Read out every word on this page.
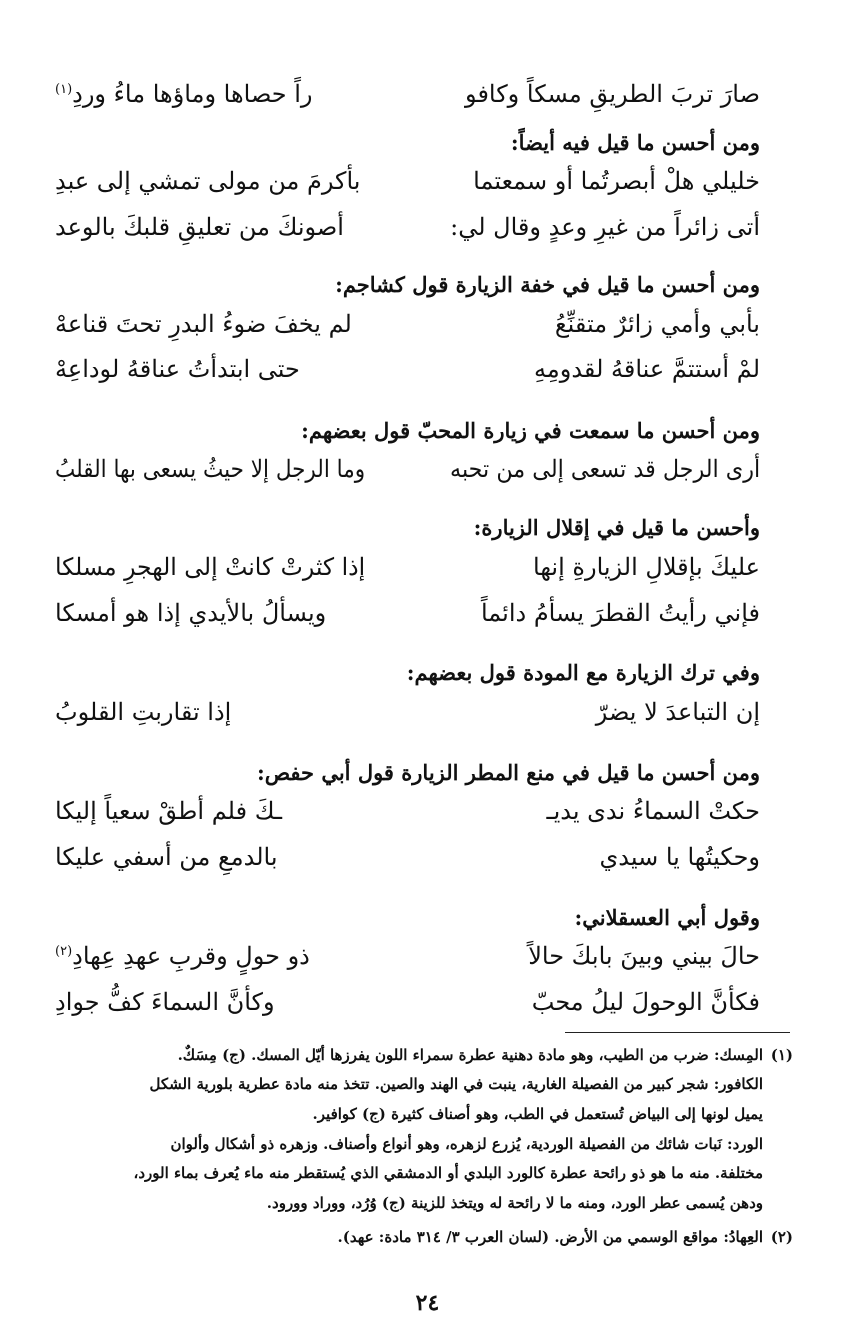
صارَ تربَ الطريقِ مسكاً وكافو
راً حصاها وماؤها ماءُ وردِ$^{(١)}$
ومن أحسن ما قيل فيه أيضاً:
خليلي هلْ أبصرتُما أو سمعتما
بأكرمَ من مولى تمشي إلى عبدِ
أتى زائراً من غيرِ وعدٍ وقال لي:
أصونكَ من تعليقِ قلبكَ بالوعد
ومن أحسن ما قيل في خفة الزيارة قول كشاجم:
بأبي وأمي زائرٌ متقنِّعُ
لم يخفَ ضوءُ البدرِ تحتَ قناعهْ
لمْ أستتمَّ عناقهُ لقدومِهِ
حتى ابتدأتُ عناقهُ لوداعِهْ
ومن أحسن ما سمعت في زيارة المحبّ قول بعضهم:
أرى الرجل قد تسعى إلى من تحبه
وما الرجل إلا حيثُ يسعى بها القلبُ
وأحسن ما قيل في إقلال الزيارة:
عليكَ بإقلالِ الزيارةِ إنها
إذا كثرتْ كانتْ إلى الهجرِ مسلكا
فإني رأيتُ القطرَ يسأمُ دائماً
ويسألُ بالأيدي إذا هو أمسكا
وفي ترك الزيارة مع المودة قول بعضهم:
إن التباعدَ لا يضرّ
إذا تقاربتِ القلوبُ
ومن أحسن ما قيل في منع المطر الزيارة قول أبي حفص:
حكتْ السماءُ ندى يديـ
ـكَ فلم أطقْ سعياً إليكا
وحكيتُها يا سيدي
بالدمعِ من أسفي عليكا
وقول أبي العسقلاني:
حالَ بيني وبينَ بابكَ حالاً
ذو حولٍ وقربِ عهدِ عِهادِ$^{(٢)}$
فكأنَّ الوحولَ ليلُ محبّ
وكأنَّ السماءَ كفُّ جوادِ
(١)
المِسك: ضرب من الطيب، وهو مادة دهنية عطرة سمراء اللون يفرزها أيّل المسك. (ج) مِسَكٌ.
الكافور: شجر كبير من الفصيلة الغارية، ينبت في الهند والصين. تتخذ منه مادة عطرية بلورية الشكل
يميل لونها إلى البياض تُستعمل في الطب، وهو أصناف كثيرة (ج) كوافير.
الورد: نَبات شائك من الفصيلة الوردية، يُزرع لزهره، وهو أنواع وأصناف. وزهره ذو أشكال وألوان
مختلفة. منه ما هو ذو رائحة عطرة كالورد البلدي أو الدمشقي الذي يُستقطر منه ماء يُعرف بماء الورد،
ودهن يُسمى عطر الورد، ومنه ما لا رائحة له ويتخذ للزينة (ج) وُرُد، ووراد وورود.
(٢)
العِهادُ: مواقع الوسمي من الأرض. (لسان العرب ٣/ ٣١٤ مادة: عهد).
٢٤
